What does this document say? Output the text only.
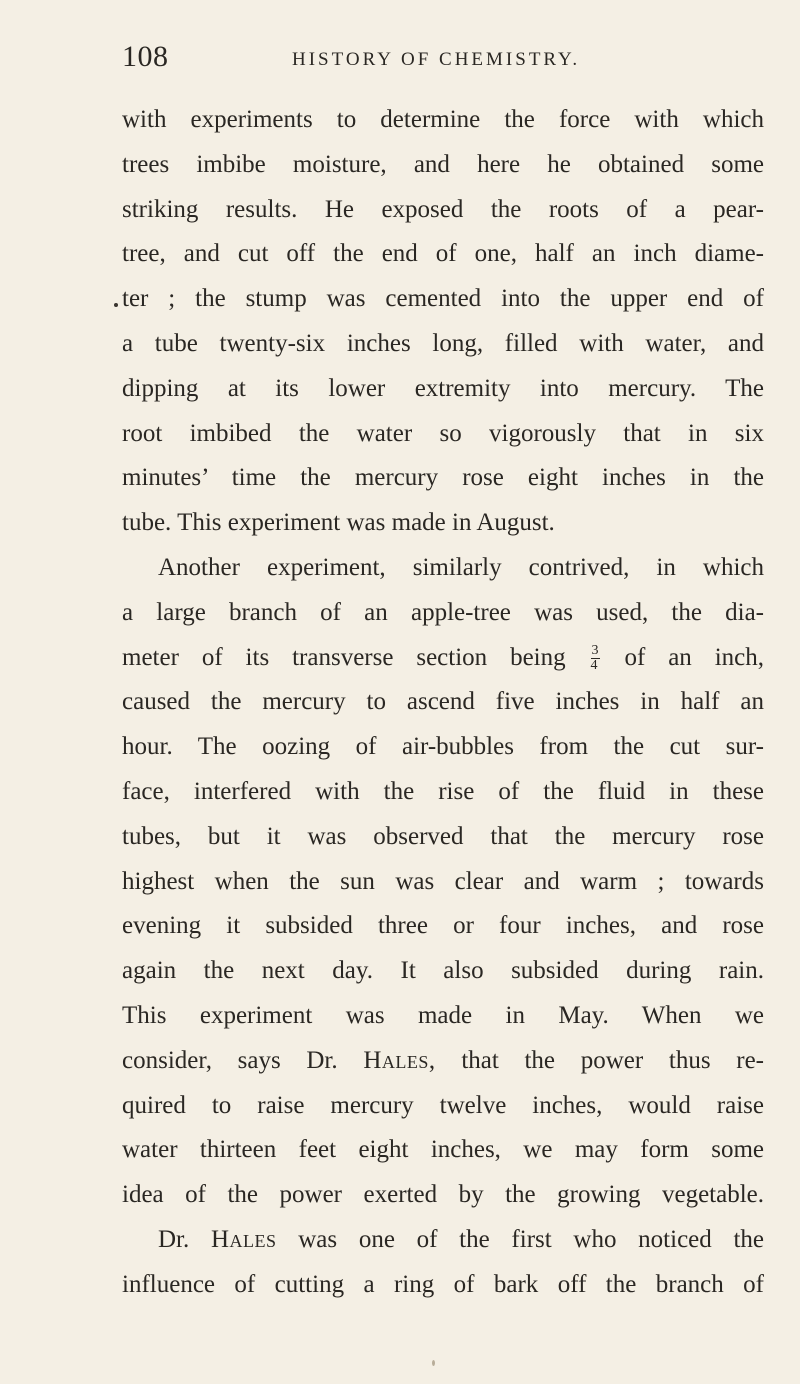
108	HISTORY OF CHEMISTRY.
with experiments to determine the force with which
trees imbibe moisture, and here he obtained some
striking results. He exposed the roots of a pear-
tree, and cut off the end of one, half an inch diame-
ter ; the stump was cemented into the upper end of
a tube twenty-six inches long, filled with water, and
dipping at its lower extremity into mercury. The
root imbibed the water so vigorously that in six
minutes’ time the mercury rose eight inches in the
tube. This experiment was made in August.
Another experiment, similarly contrived, in which
a large branch of an apple-tree was used, the dia-
meter of its transverse section being $\frac{3}{4}$ of an inch,
caused the mercury to ascend five inches in half an
hour. The oozing of air-bubbles from the cut sur-
face, interfered with the rise of the fluid in these
tubes, but it was observed that the mercury rose
highest when the sun was clear and warm ; towards
evening it subsided three or four inches, and rose
again the next day. It also subsided during rain.
This experiment was made in May. When we
consider, says Dr. Hales, that the power thus re-
quired to raise mercury twelve inches, would raise
water thirteen feet eight inches, we may form some
idea of the power exerted by the growing vegetable.
Dr. Hales was one of the first who noticed the
influence of cutting a ring of bark off the branch of
